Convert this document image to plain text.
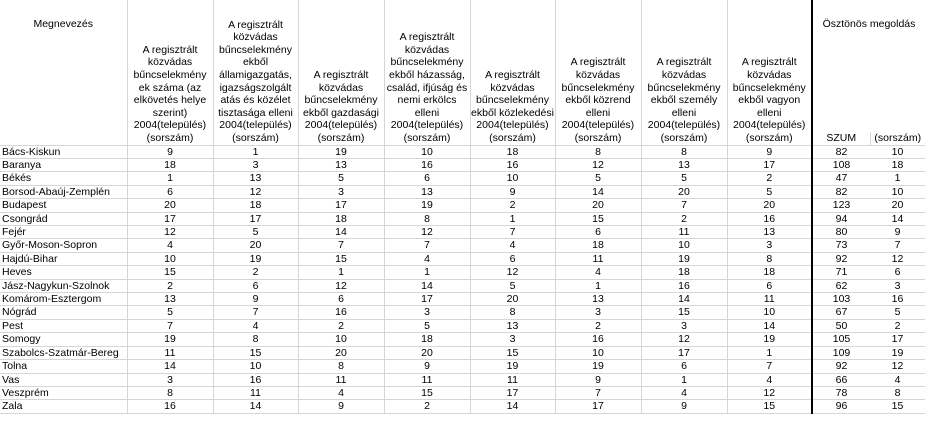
Megnevezés	A regisztrált közvádas bűncselekmény ek száma (az elkövetés helye szerint) 2004(település)	A regisztrált közvádas bűncselekmény ekből államigazgatás, igazságszolgált atás és közélet tisztasága elleni 2004(település)	A regisztrált közvádas bűncselekmény ekből gazdasági 2004(település)	A regisztrált közvádas bűncselekmény ekből házasság, család, ifjúság és nemi erkölcs elleni 2004(település)	A regisztrált közvádas bűncselekmény ekből közlekedési 2004(település)	A regisztrált közvádas bűncselekmény ekből közrend elleni 2004(település)	A regisztrált közvádas bűncselekmény ekből személy elleni 2004(település)	A regisztrált közvádas bűncselekmény ekből vagyon elleni 2004(település)	Ösztönös megoldás	
	(sorszám)	(sorszám)	(sorszám)	(sorszám)	(sorszám)	(sorszám)	(sorszám)	(sorszám)	SZUM	(sorszám)
Bács-Kiskun	9	1	19	10	18	8	8	9	82	10
Baranya	18	3	13	16	16	12	13	17	108	18
Békés	1	13	5	6	10	5	5	2	47	1
Borsod-Abaúj-Zemplén	6	12	3	13	9	14	20	5	82	10
Budapest	20	18	17	19	2	20	7	20	123	20
Csongrád	17	17	18	8	1	15	2	16	94	14
Fejér	12	5	14	12	7	6	11	13	80	9
Győr-Moson-Sopron	4	20	7	7	4	18	10	3	73	7
Hajdú-Bihar	10	19	15	4	6	11	19	8	92	12
Heves	15	2	1	1	12	4	18	18	71	6
Jász-Nagykun-Szolnok	2	6	12	14	5	1	16	6	62	3
Komárom-Esztergom	13	9	6	17	20	13	14	11	103	16
Nógrád	5	7	16	3	8	3	15	10	67	5
Pest	7	4	2	5	13	2	3	14	50	2
Somogy	19	8	10	18	3	16	12	19	105	17
Szabolcs-Szatmár-Bereg	11	15	20	20	15	10	17	1	109	19
Tolna	14	10	8	9	19	19	6	7	92	12
Vas	3	16	11	11	11	9	1	4	66	4
Veszprém	8	11	4	15	17	7	4	12	78	8
Zala	16	14	9	2	14	17	9	15	96	15
